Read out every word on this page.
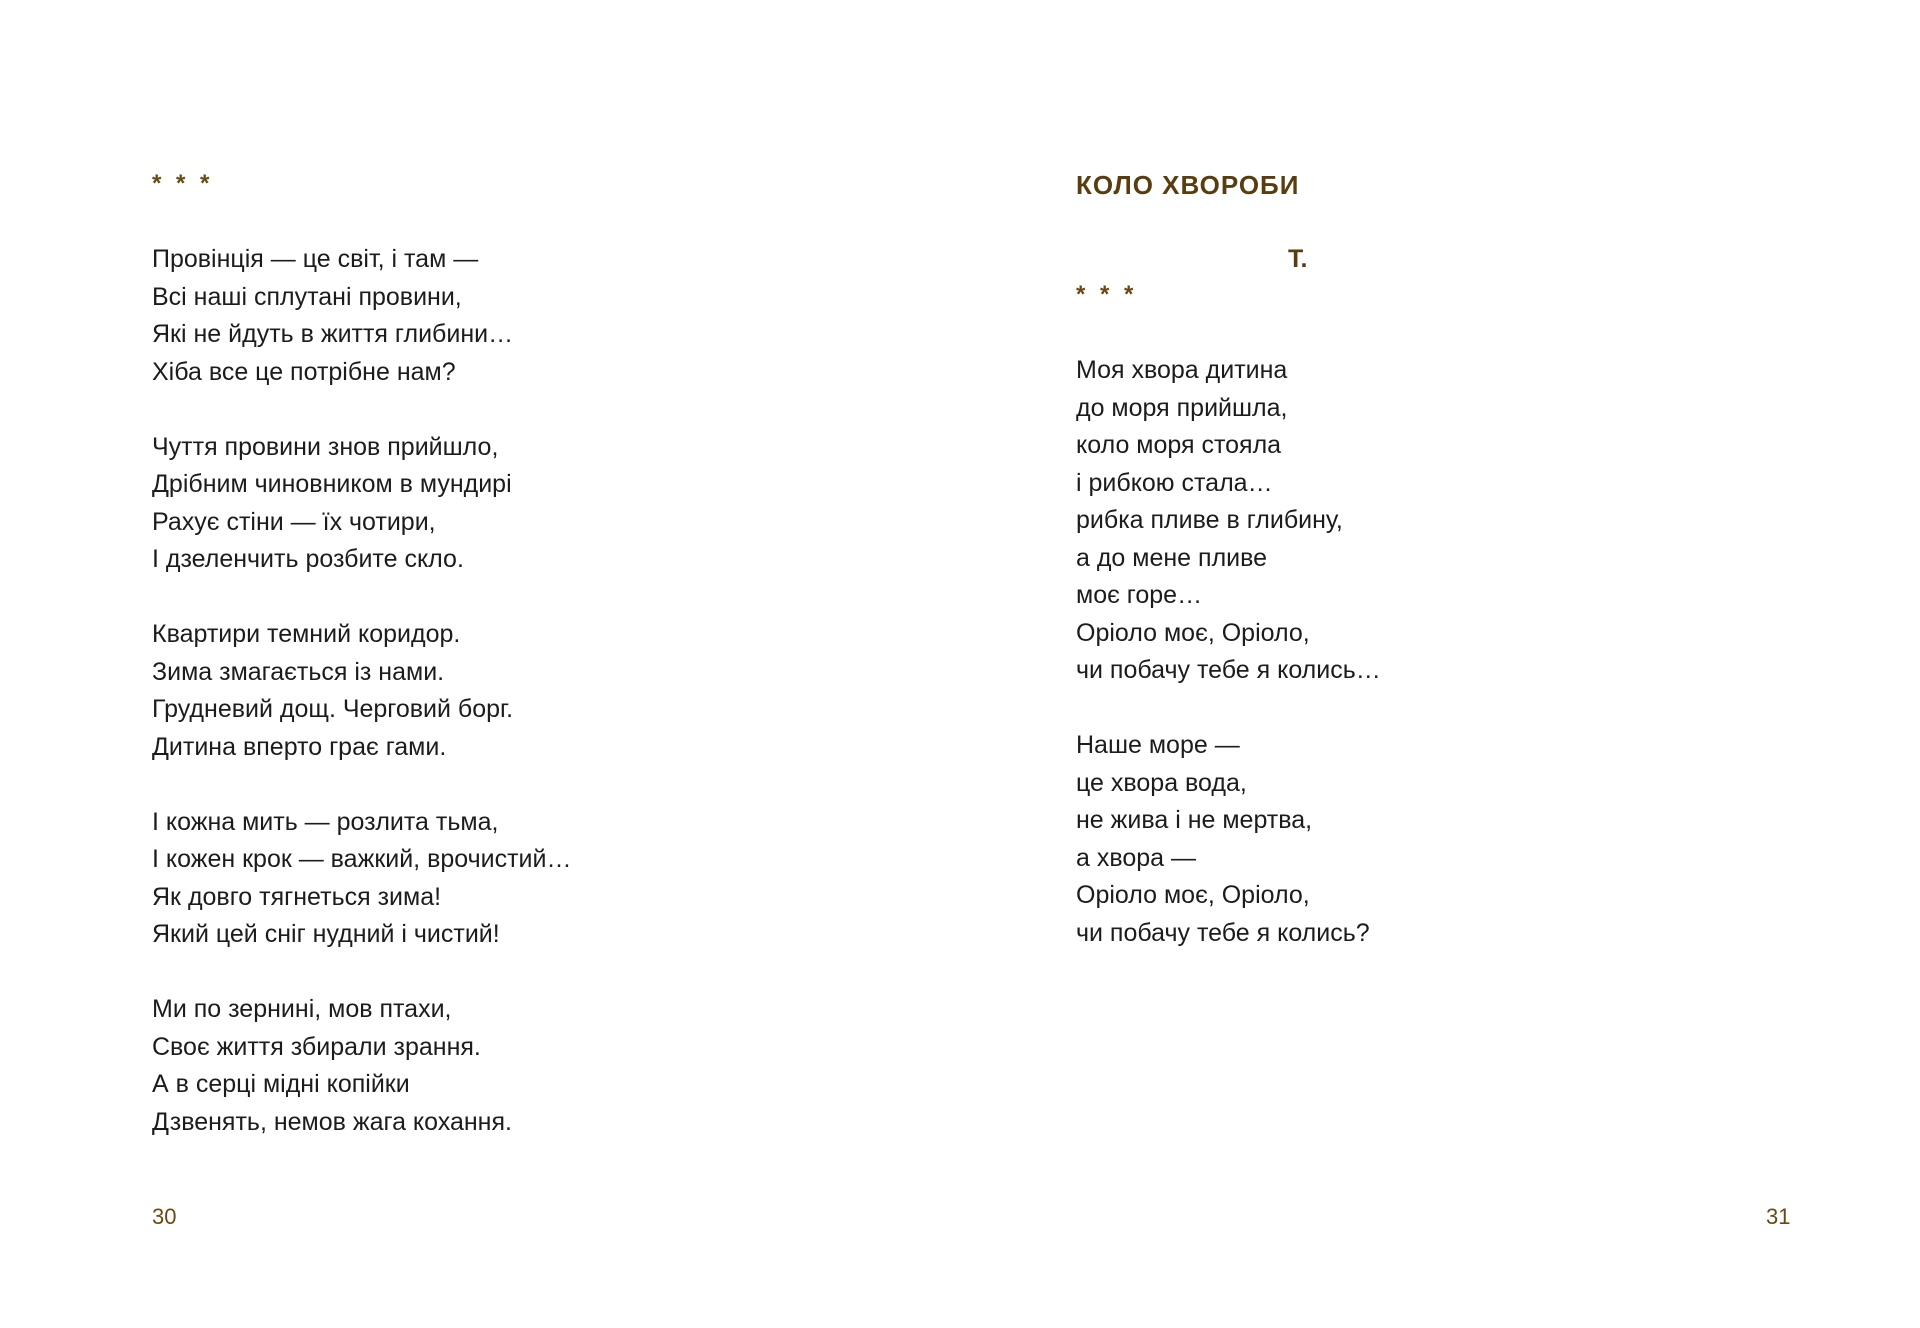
* * *
Провінція — це світ, і там —
Всі наші сплутані провини,
Які не йдуть в життя глибини…
Хіба все це потрібне нам?
Чуття провини знов прийшло,
Дрібним чиновником в мундирі
Рахує стіни — їх чотири,
І дзеленчить розбите скло.
Квартири темний коридор.
Зима змагається із нами.
Грудневий дощ. Черговий борг.
Дитина вперто грає гами.
І кожна мить — розлита тьма,
І кожен крок — важкий, врочистий…
Як довго тягнеться зима!
Який цей сніг нудний і чистий!
Ми по зернині, мов птахи,
Своє життя збирали зрання.
А в серці мідні копійки
Дзвенять, немов жага кохання.
30
КОЛО ХВОРОБИ
Т.
* * *
Моя хвора дитина
до моря прийшла,
коло моря стояла
і рибкою стала…
рибка пливе в глибину,
а до мене пливе
моє горе…
Оріоло моє, Оріоло,
чи побачу тебе я колись…
Наше море —
це хвора вода,
не жива і не мертва,
а хвора —
Оріоло моє, Оріоло,
чи побачу тебе я колись?
31
